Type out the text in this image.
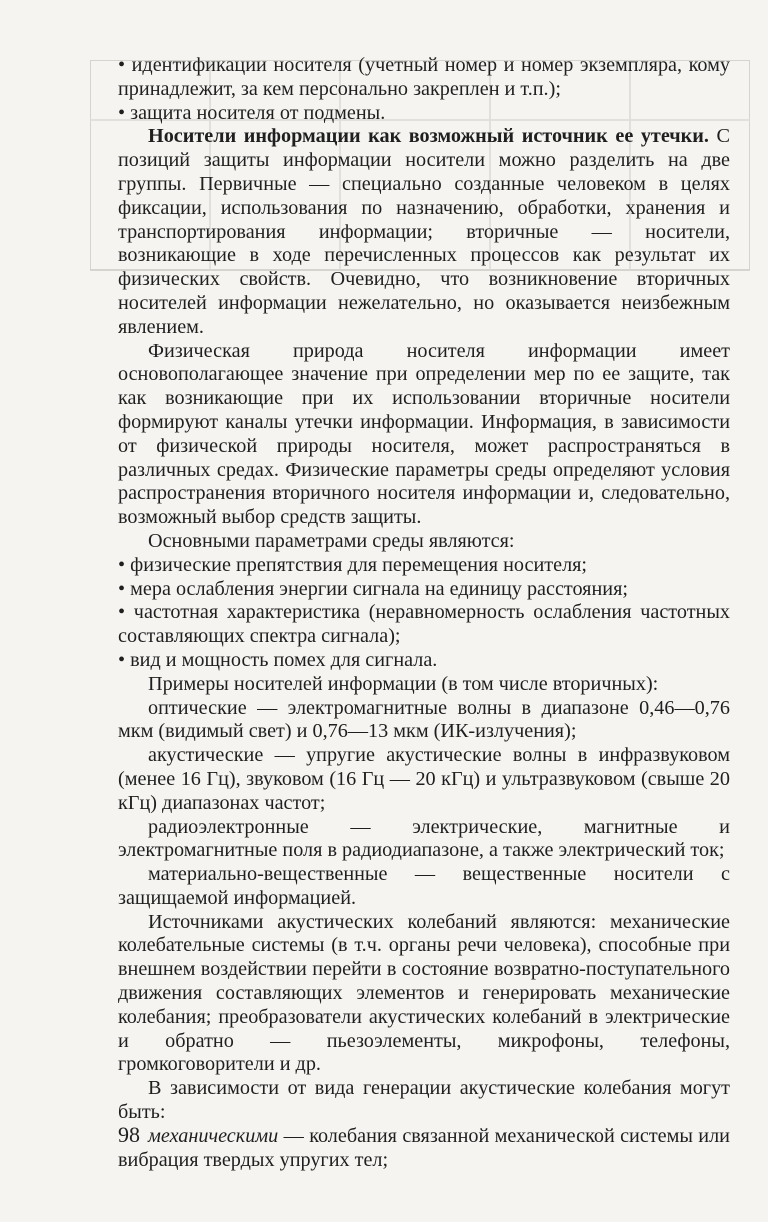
• идентификации носителя (учетный номер и номер экземпляра, кому принадлежит, за кем персонально закреплен и т.п.);

• защита носителя от подмены.

Носители информации как возможный источник ее утечки. С позиций защиты информации носители можно разделить на две группы. Первичные — специально созданные человеком в целях фиксации, использования по назначению, обработки, хранения и транспортирования информации; вторичные — носители, возникающие в ходе перечисленных процессов как результат их физических свойств. Очевидно, что возникновение вторичных носителей информации нежелательно, но оказывается неизбежным явлением.

Физическая природа носителя информации имеет основополагающее значение при определении мер по ее защите, так как возникающие при их использовании вторичные носители формируют каналы утечки информации. Информация, в зависимости от физической природы носителя, может распространяться в различных средах. Физические параметры среды определяют условия распространения вторичного носителя информации и, следовательно, возможный выбор средств защиты.

Основными параметрами среды являются:

• физические препятствия для перемещения носителя;

• мера ослабления энергии сигнала на единицу расстояния;

• частотная характеристика (неравномерность ослабления частотных составляющих спектра сигнала);

• вид и мощность помех для сигнала.

Примеры носителей информации (в том числе вторичных):

оптические — электромагнитные волны в диапазоне 0,46—0,76 мкм (видимый свет) и 0,76—13 мкм (ИК-излучения);

акустические — упругие акустические волны в инфразвуковом (менее 16 Гц), звуковом (16 Гц — 20 кГц) и ультразвуковом (свыше 20 кГц) диапазонах частот;

радиоэлектронные — электрические, магнитные и электромагнитные поля в радиодиапазоне, а также электрический ток;

материально-вещественные — вещественные носители с защищаемой информацией.

Источниками акустических колебаний являются: механические колебательные системы (в т.ч. органы речи человека), способные при внешнем воздействии перейти в состояние возвратно-поступательного движения составляющих элементов и генерировать механические колебания; преобразователи акустических колебаний в электрические и обратно — пьезоэлементы, микрофоны, телефоны, громкоговорители и др.

В зависимости от вида генерации акустические колебания могут быть:

механическими — колебания связанной механической системы или вибрация твердых упругих тел;

98
